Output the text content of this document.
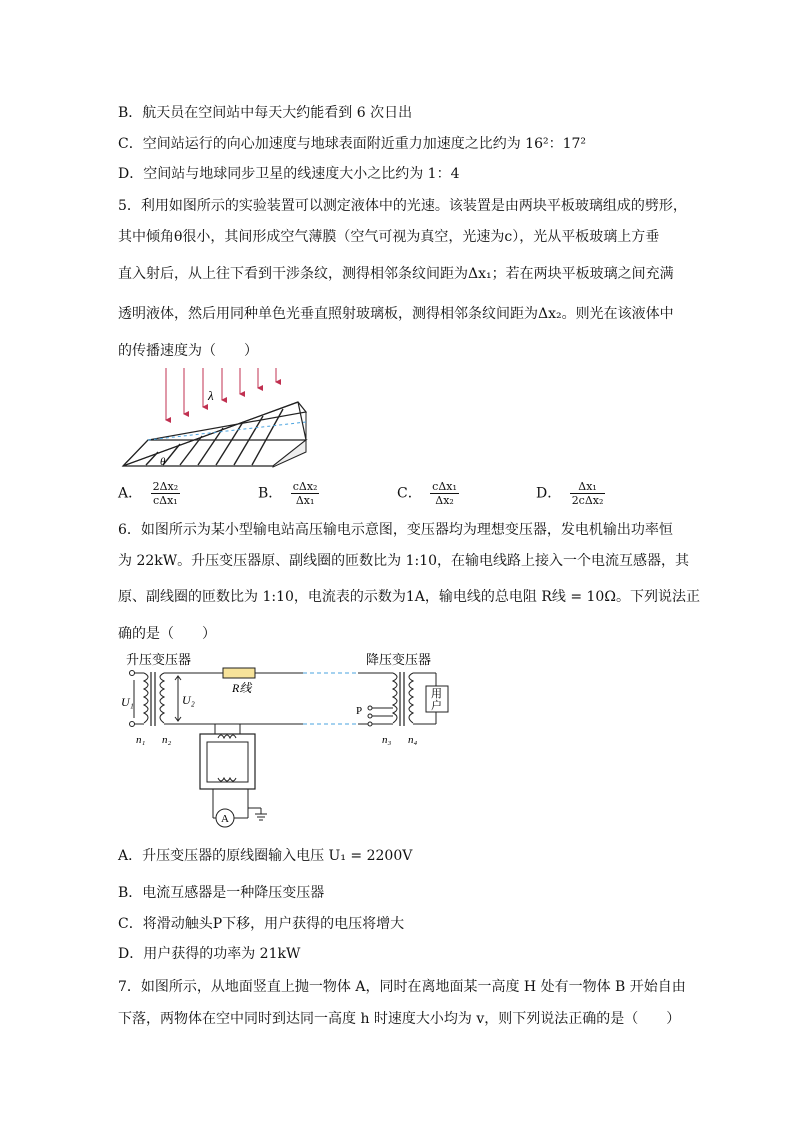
B．航天员在空间站中每天大约能看到 6 次日出
C．空间站运行的向心加速度与地球表面附近重力加速度之比约为 16²：17²
D．空间站与地球同步卫星的线速度大小之比约为 1：4
5．利用如图所示的实验装置可以测定液体中的光速。该装置是由两块平板玻璃组成的劈形，
其中倾角θ很小，其间形成空气薄膜（空气可视为真空，光速为c），光从平板玻璃上方垂
直入射后，从上往下看到干涉条纹，测得相邻条纹间距为Δx₁；若在两块平板玻璃之间充满
透明液体，然后用同种单色光垂直照射玻璃板，测得相邻条纹间距为Δx₂。则光在该液体中
的传播速度为（　　）
λ
θ
A． $\frac{\text{2Δx₂}}{\text{cΔx₁}}$	B． $\frac{\text{cΔx₂}}{\text{Δx₁}}$	C． $\frac{\text{cΔx₁}}{\text{Δx₂}}$	D． $\frac{\text{Δx₁}}{\text{2cΔx₂}}$
6．如图所示为某小型输电站高压输电示意图，变压器均为理想变压器，发电机输出功率恒
为 22kW。升压变压器原、副线圈的匝数比为 1:10，在输电线路上接入一个电流互感器，其
原、副线圈的匝数比为 1:10，电流表的示数为1A，输电线的总电阻 R线 = 10Ω。下列说法正
确的是（　　）
升压变压器	降压变压器
U₁
n₁
U₂
n₂
R线
A
P
n₃ n₄
用
户
A．升压变压器的原线圈输入电压 U₁ = 2200V
B．电流互感器是一种降压变压器
C．将滑动触头P下移，用户获得的电压将增大
D．用户获得的功率为 21kW
7．如图所示，从地面竖直上抛一物体 A，同时在离地面某一高度 H 处有一物体 B 开始自由
下落，两物体在空中同时到达同一高度 h 时速度大小均为 v，则下列说法正确的是（　　）
